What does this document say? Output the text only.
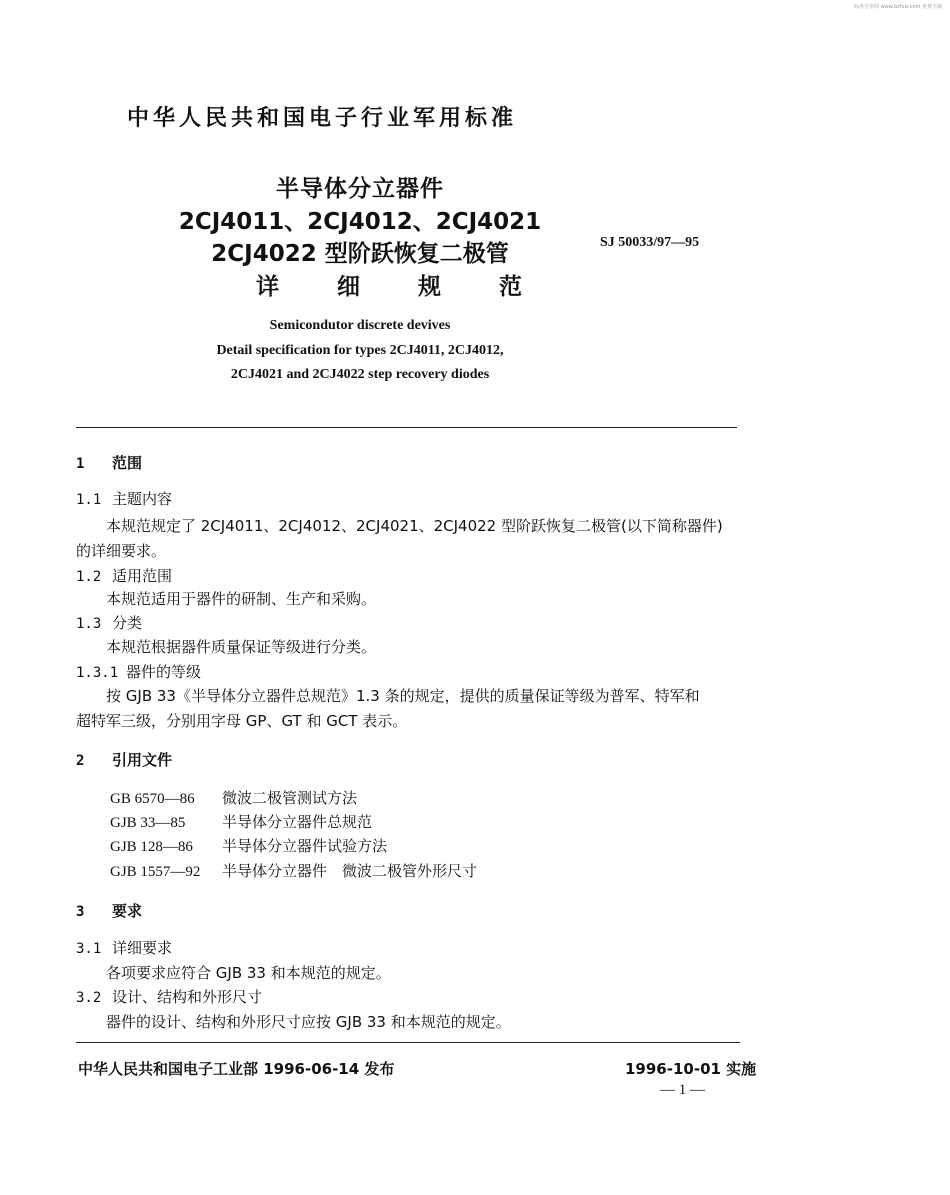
标准分享网 www.bzfxw.com 免费下载
中华人民共和国电子行业军用标准
半导体分立器件
2CJ4011、2CJ4012、2CJ4021
2CJ4022 型阶跃恢复二极管
详细规范
SJ 50033/97—95
Semicondutor discrete devives
Detail specification for types 2CJ4011, 2CJ4012,
2CJ4021 and 2CJ4022 step recovery diodes
1 范围
1.1 主题内容
本规范规定了 2CJ4011、2CJ4012、2CJ4021、2CJ4022 型阶跃恢复二极管(以下简称器件)
的详细要求。
1.2 适用范围
本规范适用于器件的研制、生产和采购。
1.3 分类
本规范根据器件质量保证等级进行分类。
1.3.1 器件的等级
按 GJB 33《半导体分立器件总规范》1.3 条的规定，提供的质量保证等级为普军、特军和
超特军三级，分别用字母 GP、GT 和 GCT 表示。
2 引用文件
GB 6570—86 微波二极管测试方法
GJB 33—85 半导体分立器件总规范
GJB 128—86 半导体分立器件试验方法
GJB 1557—92 半导体分立器件　微波二极管外形尺寸
3 要求
3.1 详细要求
各项要求应符合 GJB 33 和本规范的规定。
3.2 设计、结构和外形尺寸
器件的设计、结构和外形尺寸应按 GJB 33 和本规范的规定。
中华人民共和国电子工业部 1996-06-14 发布	1996-10-01 实施
— 1 —
